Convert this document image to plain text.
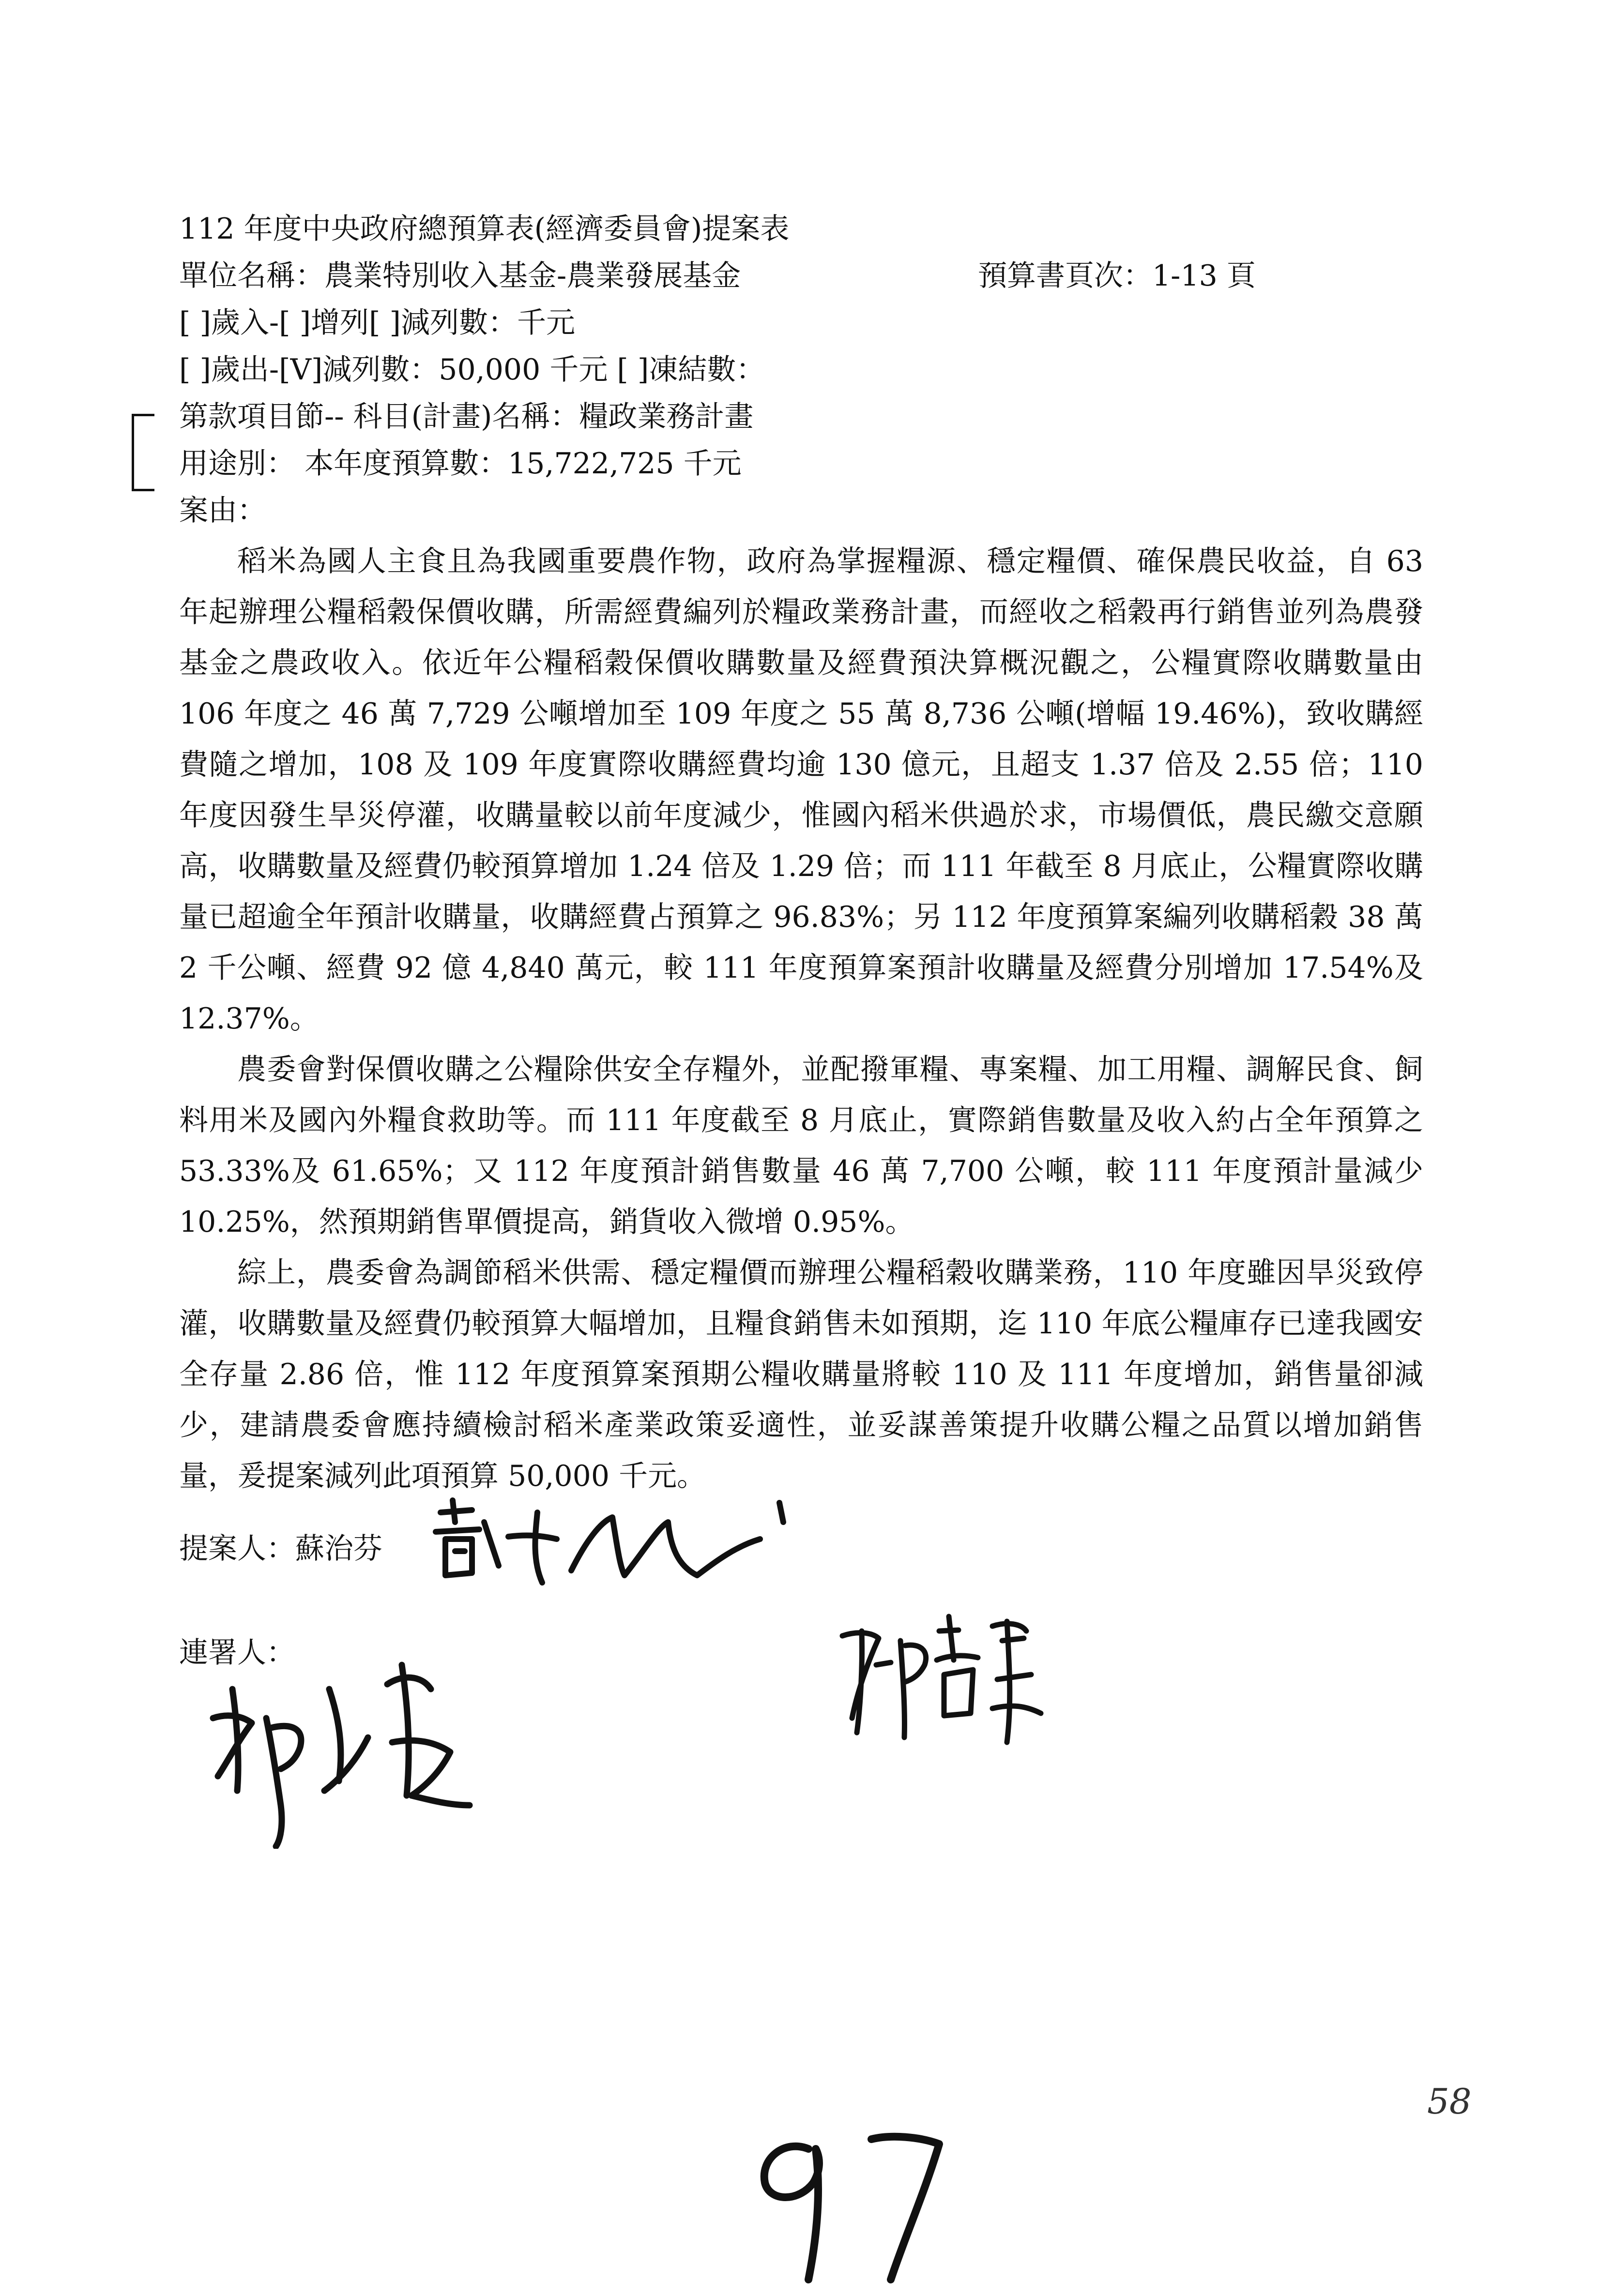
112 年度中央政府總預算表(經濟委員會)提案表
單位名稱：農業特別收入基金-農業發展基金	預算書頁次：1-13 頁
[ ]歲入-[ ]增列[ ]減列數：千元
[ ]歲出-[V]減列數：50,000 千元 [ ]凍結數：
第款項目節-- 科目(計畫)名稱：糧政業務計畫
用途別： 本年度預算數：15,722,725 千元
案由：

稻米為國人主食且為我國重要農作物，政府為掌握糧源、穩定糧價、確保農民收益，自 63 年起辦理公糧稻穀保價收購，所需經費編列於糧政業務計畫，而經收之稻穀再行銷售並列為農發基金之農政收入。依近年公糧稻穀保價收購數量及經費預決算概況觀之，公糧實際收購數量由 106 年度之 46 萬 7,729 公噸增加至 109 年度之 55 萬 8,736 公噸(增幅 19.46%)，致收購經費隨之增加，108 及 109 年度實際收購經費均逾 130 億元，且超支 1.37 倍及 2.55 倍；110 年度因發生旱災停灌，收購量較以前年度減少，惟國內稻米供過於求，市場價低，農民繳交意願高，收購數量及經費仍較預算增加 1.24 倍及 1.29 倍；而 111 年截至 8 月底止，公糧實際收購量已超逾全年預計收購量，收購經費占預算之 96.83%；另 112 年度預算案編列收購稻穀 38 萬 2 千公噸、經費 92 億 4,840 萬元，較 111 年度預算案預計收購量及經費分別增加 17.54%及 12.37%。

農委會對保價收購之公糧除供安全存糧外，並配撥軍糧、專案糧、加工用糧、調解民食、飼料用米及國內外糧食救助等。而 111 年度截至 8 月底止，實際銷售數量及收入約占全年預算之 53.33%及 61.65%；又 112 年度預計銷售數量 46 萬 7,700 公噸，較 111 年度預計量減少 10.25%，然預期銷售單價提高，銷貨收入微增 0.95%。

綜上，農委會為調節稻米供需、穩定糧價而辦理公糧稻穀收購業務，110 年度雖因旱災致停灌，收購數量及經費仍較預算大幅增加，且糧食銷售未如預期，迄 110 年底公糧庫存已達我國安全存量 2.86 倍，惟 112 年度預算案預期公糧收購量將較 110 及 111 年度增加，銷售量卻減少，建請農委會應持續檢討稻米產業政策妥適性，並妥謀善策提升收購公糧之品質以增加銷售量，爰提案減列此項預算 50,000 千元。

提案人：蘇治芬
連署人：
58
